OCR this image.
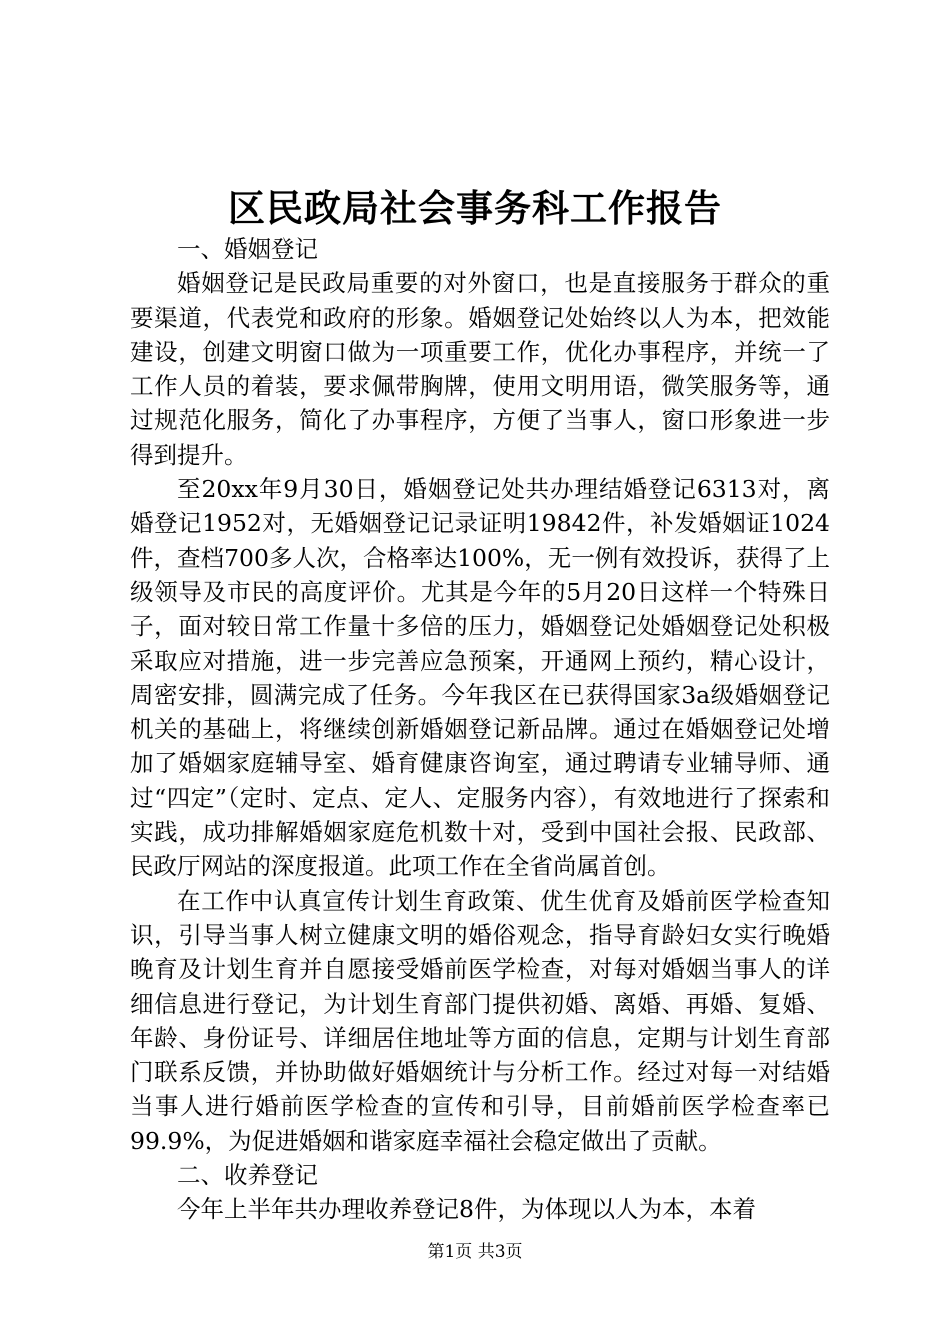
区民政局社会事务科工作报告

一、婚姻登记

婚姻登记是民政局重要的对外窗口，也是直接服务于群众的重要渠道，代表党和政府的形象。婚姻登记处始终以人为本，把效能建设，创建文明窗口做为一项重要工作，优化办事程序，并统一了工作人员的着装，要求佩带胸牌，使用文明用语，微笑服务等，通过规范化服务，简化了办事程序，方便了当事人，窗口形象进一步得到提升。

至20xx年9月30日，婚姻登记处共办理结婚登记6313对，离婚登记1952对，无婚姻登记记录证明19842件，补发婚姻证1024件，查档700多人次，合格率达100%，无一例有效投诉，获得了上级领导及市民的高度评价。尤其是今年的5月20日这样一个特殊日子，面对较日常工作量十多倍的压力，婚姻登记处婚姻登记处积极采取应对措施，进一步完善应急预案，开通网上预约，精心设计，周密安排，圆满完成了任务。今年我区在已获得国家3a级婚姻登记机关的基础上，将继续创新婚姻登记新品牌。通过在婚姻登记处增加了婚姻家庭辅导室、婚育健康咨询室，通过聘请专业辅导师、通过“四定”（定时、定点、定人、定服务内容），有效地进行了探索和实践，成功排解婚姻家庭危机数十对，受到中国社会报、民政部、民政厅网站的深度报道。此项工作在全省尚属首创。

在工作中认真宣传计划生育政策、优生优育及婚前医学检查知识，引导当事人树立健康文明的婚俗观念，指导育龄妇女实行晚婚晚育及计划生育并自愿接受婚前医学检查，对每对婚姻当事人的详细信息进行登记，为计划生育部门提供初婚、离婚、再婚、复婚、年龄、身份证号、详细居住地址等方面的信息，定期与计划生育部门联系反馈，并协助做好婚姻统计与分析工作。经过对每一对结婚当事人进行婚前医学检查的宣传和引导，目前婚前医学检查率已99.9%，为促进婚姻和谐家庭幸福社会稳定做出了贡献。

二、收养登记

今年上半年共办理收养登记8件，为体现以人为本，本着

第1页 共3页
